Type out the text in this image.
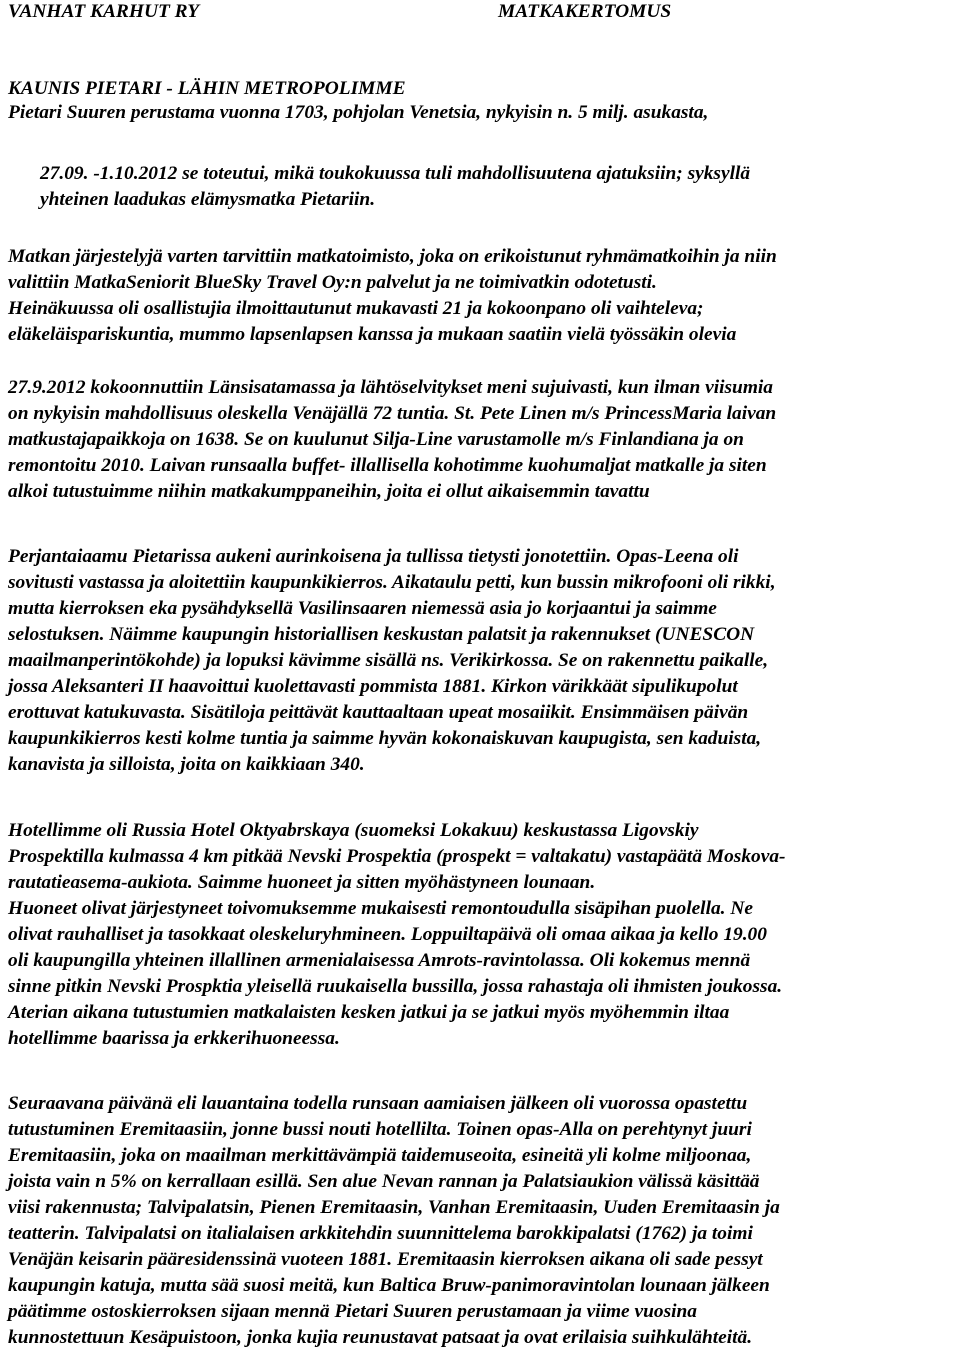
VANHAT KARHUT RY	MATKAKERTOMUS
KAUNIS PIETARI - LÄHIN METROPOLIMME
Pietari Suuren perustama vuonna 1703, pohjolan Venetsia, nykyisin n. 5 milj. asukasta,
27.09. -1.10.2012 se toteutui, mikä toukokuussa tuli mahdollisuutena ajatuksiin; syksyllä
yhteinen laadukas elämysmatka Pietariin.
Matkan järjestelyjä varten tarvittiin matkatoimisto, joka on erikoistunut ryhmämatkoihin ja niin
valittiin MatkaSeniorit BlueSky Travel Oy:n palvelut ja ne toimivatkin odotetusti.
Heinäkuussa oli osallistujia ilmoittautunut mukavasti 21 ja kokoonpano oli vaihteleva;
eläkeläispariskuntia, mummo lapsenlapsen kanssa ja mukaan saatiin vielä työssäkin olevia
27.9.2012 kokoonnuttiin Länsisatamassa ja lähtöselvitykset meni sujuivasti, kun ilman viisumia
on nykyisin mahdollisuus oleskella Venäjällä 72 tuntia. St. Pete Linen m/s PrincessMaria laivan
matkustajapaikkoja on 1638. Se on kuulunut Silja-Line varustamolle m/s Finlandiana ja on
remontoitu 2010. Laivan runsaalla buffet- illallisella kohotimme kuohumaljat matkalle ja siten
alkoi tutustuimme niihin matkakumppaneihin, joita ei ollut aikaisemmin tavattu
Perjantaiaamu Pietarissa aukeni aurinkoisena ja tullissa tietysti jonotettiin. Opas-Leena oli
sovitusti vastassa ja aloitettiin kaupunkikierros. Aikataulu petti, kun bussin mikrofooni oli rikki,
mutta kierroksen eka pysähdyksellä Vasilinsaaren niemessä asia jo korjaantui ja saimme
selostuksen. Näimme kaupungin historiallisen keskustan palatsit ja rakennukset (UNESCON
maailmanperintökohde) ja lopuksi kävimme sisällä ns. Verikirkossa. Se on rakennettu paikalle,
jossa Aleksanteri II haavoittui kuolettavasti pommista 1881. Kirkon värikkäät sipulikupolut
erottuvat katukuvasta. Sisätiloja peittävät kauttaaltaan upeat mosaiikit. Ensimmäisen päivän
kaupunkikierros kesti kolme tuntia ja saimme hyvän kokonaiskuvan kaupugista, sen kaduista,
kanavista ja silloista, joita on kaikkiaan 340.
Hotellimme oli Russia Hotel Oktyabrskaya (suomeksi Lokakuu) keskustassa Ligovskiy
Prospektilla kulmassa 4 km pitkää Nevski Prospektia (prospekt = valtakatu) vastapäätä Moskova-
rautatieasema-aukiota. Saimme huoneet ja sitten myöhästyneen lounaan.
Huoneet olivat järjestyneet toivomuksemme mukaisesti remontoudulla sisäpihan puolella. Ne
olivat rauhalliset ja tasokkaat oleskeluryhmineen. Loppuiltapäivä oli omaa aikaa ja kello 19.00
oli kaupungilla yhteinen illallinen armenialaisessa Amrots-ravintolassa. Oli kokemus mennä
sinne pitkin Nevski Prospktia yleisellä ruukaisella bussilla, jossa rahastaja oli ihmisten joukossa.
Aterian aikana tutustumien matkalaisten kesken jatkui ja se jatkui myös myöhemmin iltaa
hotellimme baarissa ja erkkerihuoneessa.
Seuraavana päivänä eli lauantaina todella runsaan aamiaisen jälkeen oli vuorossa opastettu
tutustuminen Eremitaasiin, jonne bussi nouti hotellilta. Toinen opas-Alla on perehtynyt juuri
Eremitaasiin, joka on maailman merkittävämpiä taidemuseoita, esineitä yli kolme miljoonaa,
joista vain n 5% on kerrallaan esillä. Sen alue Nevan rannan ja Palatsiaukion välissä käsittää
viisi rakennusta; Talvipalatsin, Pienen Eremitaasin, Vanhan Eremitaasin, Uuden Eremitaasin ja
teatterin. Talvipalatsi on italialaisen arkkitehdin suunnittelema barokkipalatsi (1762) ja toimi
Venäjän keisarin pääresidenssinä vuoteen 1881. Eremitaasin kierroksen aikana oli sade pessyt
kaupungin katuja, mutta sää suosi meitä, kun Baltica Bruw-panimoravintolan lounaan jälkeen
päätimme ostoskierroksen sijaan mennä Pietari Suuren perustamaan ja viime vuosina
kunnostettuun Kesäpuistoon, jonka kujia reunustavat patsaat ja ovat erilaisia suihkulähteitä.
